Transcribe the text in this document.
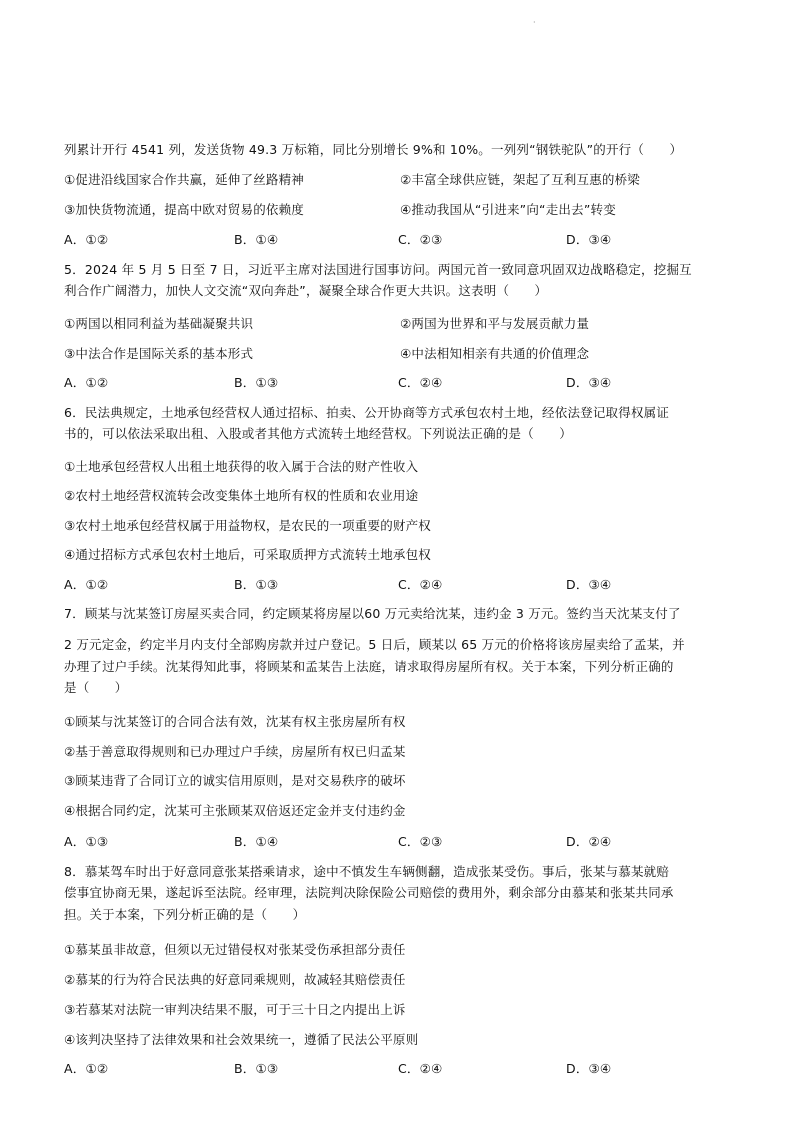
·
列累计开行 4541 列，发送货物 49.3 万标箱，同比分别增长 9%和 10%。一列列“钢铁驼队”的开行（　　）
①促进沿线国家合作共赢，延伸了丝路精神	②丰富全球供应链，架起了互利互惠的桥梁
③加快货物流通，提高中欧对贸易的依赖度	④推动我国从“引进来”向“走出去”转变
A．①②	B．①④	C．②③	D．③④
5．2024 年 5 月 5 日至 7 日，习近平主席对法国进行国事访问。两国元首一致同意巩固双边战略稳定，挖掘互
利合作广阔潜力，加快人文交流“双向奔赴”，凝聚全球合作更大共识。这表明（　　）
①两国以相同利益为基础凝聚共识	②两国为世界和平与发展贡献力量
③中法合作是国际关系的基本形式	④中法相知相亲有共通的价值理念
A．①②	B．①③	C．②④	D．③④
6．民法典规定，土地承包经营权人通过招标、拍卖、公开协商等方式承包农村土地，经依法登记取得权属证
书的，可以依法采取出租、入股或者其他方式流转土地经营权。下列说法正确的是（　　）
①土地承包经营权人出租土地获得的收入属于合法的财产性收入
②农村土地经营权流转会改变集体土地所有权的性质和农业用途
③农村土地承包经营权属于用益物权，是农民的一项重要的财产权
④通过招标方式承包农村土地后，可采取质押方式流转土地承包权
A．①②	B．①③	C．②④	D．③④
7．顾某与沈某签订房屋买卖合同，约定顾某将房屋以60 万元卖给沈某，违约金 3 万元。签约当天沈某支付了
2 万元定金，约定半月内支付全部购房款并过户登记。5 日后，顾某以 65 万元的价格将该房屋卖给了孟某，并
办理了过户手续。沈某得知此事，将顾某和孟某告上法庭，请求取得房屋所有权。关于本案，下列分析正确的
是（　　）
①顾某与沈某签订的合同合法有效，沈某有权主张房屋所有权
②基于善意取得规则和已办理过户手续，房屋所有权已归孟某
③顾某违背了合同订立的诚实信用原则，是对交易秩序的破坏
④根据合同约定，沈某可主张顾某双倍返还定金并支付违约金
A．①③	B．①④	C．②③	D．②④
8．慕某驾车时出于好意同意张某搭乘请求，途中不慎发生车辆侧翻，造成张某受伤。事后，张某与慕某就赔
偿事宜协商无果，遂起诉至法院。经审理，法院判决除保险公司赔偿的费用外，剩余部分由慕某和张某共同承
担。关于本案，下列分析正确的是（　　）
①慕某虽非故意，但须以无过错侵权对张某受伤承担部分责任
②慕某的行为符合民法典的好意同乘规则，故减轻其赔偿责任
③若慕某对法院一审判决结果不服，可于三十日之内提出上诉
④该判决坚持了法律效果和社会效果统一，遵循了民法公平原则
A．①②	B．①③	C．②④	D．③④
